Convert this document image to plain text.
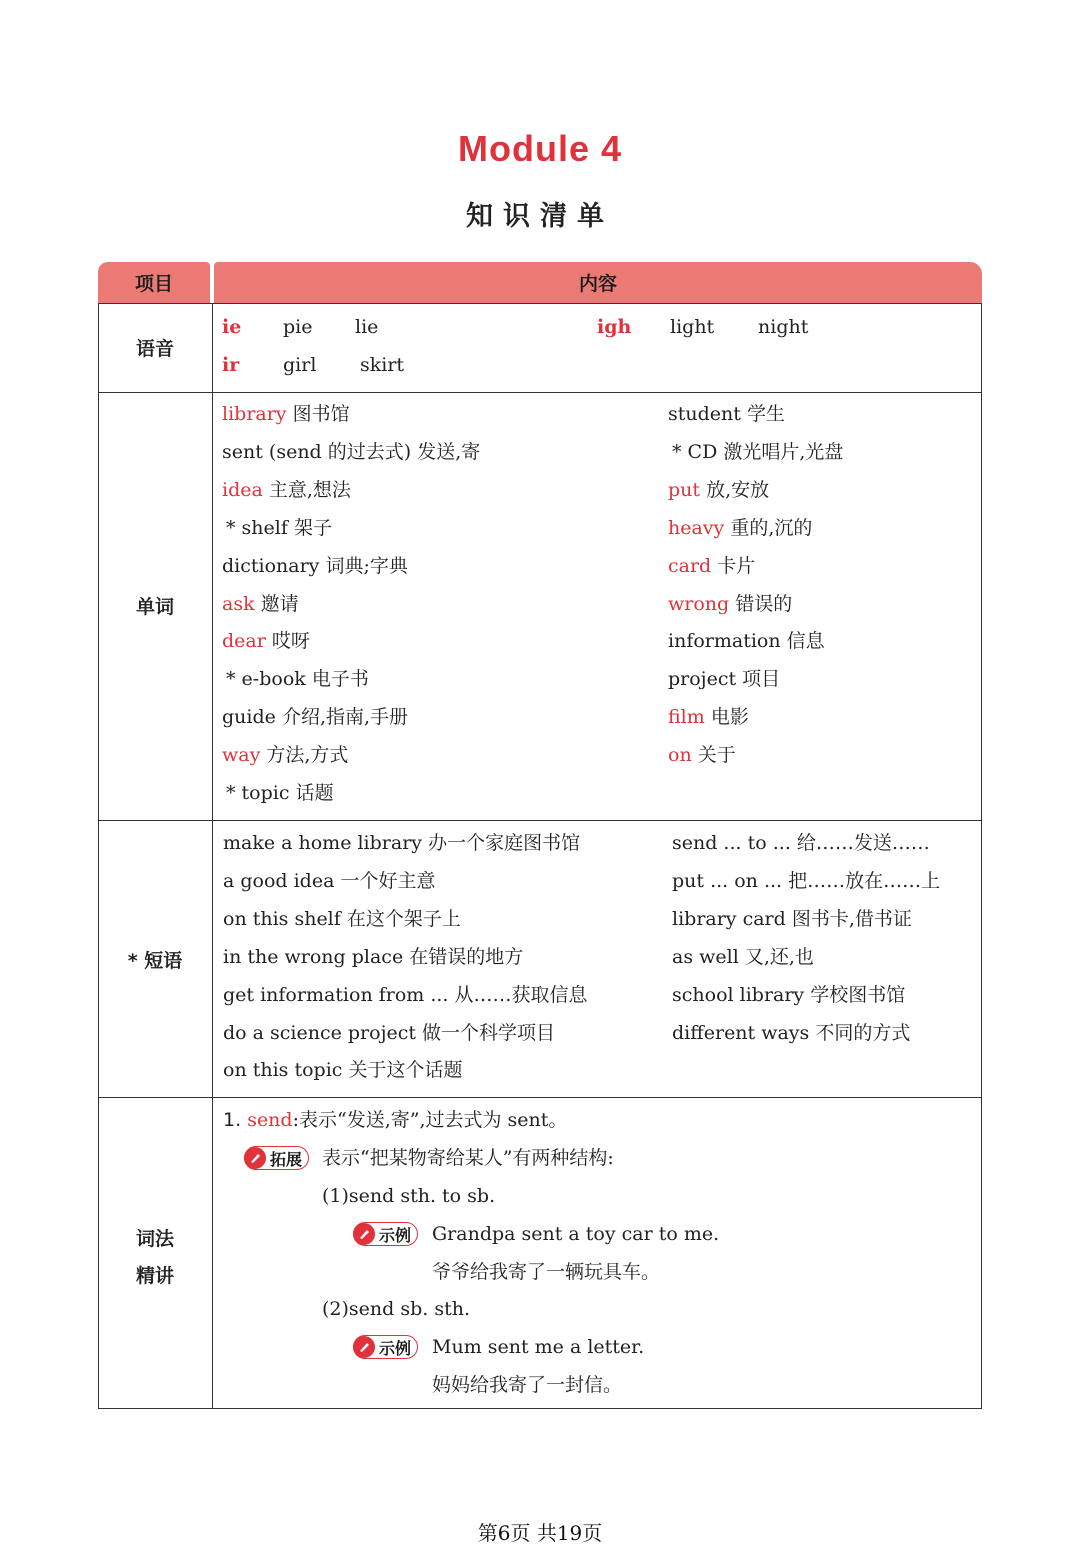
Module 4
知识清单
项目	内容
语音
ie pie lie	igh light night
ir girl skirt
单词
library 图书馆
sent (send 的过去式) 发送,寄
idea 主意,想法
* shelf 架子
dictionary 词典;字典
ask 邀请
dear 哎呀
* e-book 电子书
guide 介绍,指南,手册
way 方法,方式
* topic 话题
student 学生
* CD 激光唱片,光盘
put 放,安放
heavy 重的,沉的
card 卡片
wrong 错误的
information 信息
project 项目
film 电影
on 关于
* 短语
make a home library 办一个家庭图书馆
a good idea 一个好主意
on this shelf 在这个架子上
in the wrong place 在错误的地方
get information from ... 从……获取信息
do a science project 做一个科学项目
on this topic 关于这个话题
send ... to ... 给……发送……
put ... on ... 把……放在……上
library card 图书卡,借书证
as well 又,还,也
school library 学校图书馆
different ways 不同的方式
词法
精讲
1. send:表示“发送,寄”,过去式为 sent。
拓展 表示“把某物寄给某人”有两种结构:
(1)send sth. to sb.
示例 Grandpa sent a toy car to me.
爷爷给我寄了一辆玩具车。
(2)send sb. sth.
示例 Mum sent me a letter.
妈妈给我寄了一封信。
第6页 共19页
